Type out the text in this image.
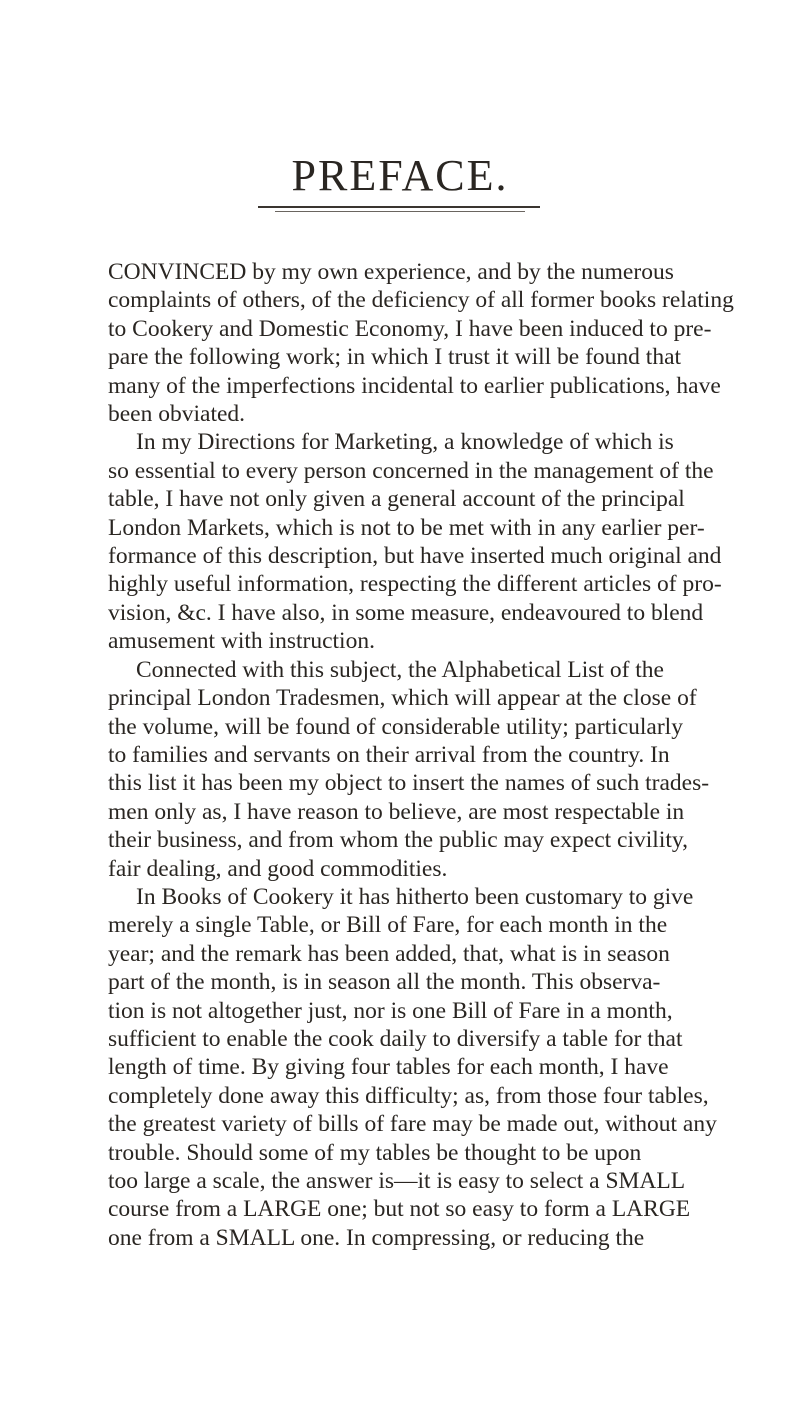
PREFACE.

CONVINCED by my own experience, and by the numerous
complaints of others, of the deficiency of all former books relating
to Cookery and Domestic Economy, I have been induced to pre-
pare the following work; in which I trust it will be found that
many of the imperfections incidental to earlier publications, have
been obviated.

In my Directions for Marketing, a knowledge of which is
so essential to every person concerned in the management of the
table, I have not only given a general account of the principal
London Markets, which is not to be met with in any earlier per-
formance of this description, but have inserted much original and
highly useful information, respecting the different articles of pro-
vision, &c. I have also, in some measure, endeavoured to blend
amusement with instruction.

Connected with this subject, the Alphabetical List of the
principal London Tradesmen, which will appear at the close of
the volume, will be found of considerable utility; particularly
to families and servants on their arrival from the country. In
this list it has been my object to insert the names of such trades-
men only as, I have reason to believe, are most respectable in
their business, and from whom the public may expect civility,
fair dealing, and good commodities.

In Books of Cookery it has hitherto been customary to give
merely a single Table, or Bill of Fare, for each month in the
year; and the remark has been added, that, what is in season
part of the month, is in season all the month. This observa-
tion is not altogether just, nor is one Bill of Fare in a month,
sufficient to enable the cook daily to diversify a table for that
length of time. By giving four tables for each month, I have
completely done away this difficulty; as, from those four tables,
the greatest variety of bills of fare may be made out, without any
trouble. Should some of my tables be thought to be upon
too large a scale, the answer is—it is easy to select a SMALL
course from a LARGE one; but not so easy to form a LARGE
one from a SMALL one. In compressing, or reducing the
